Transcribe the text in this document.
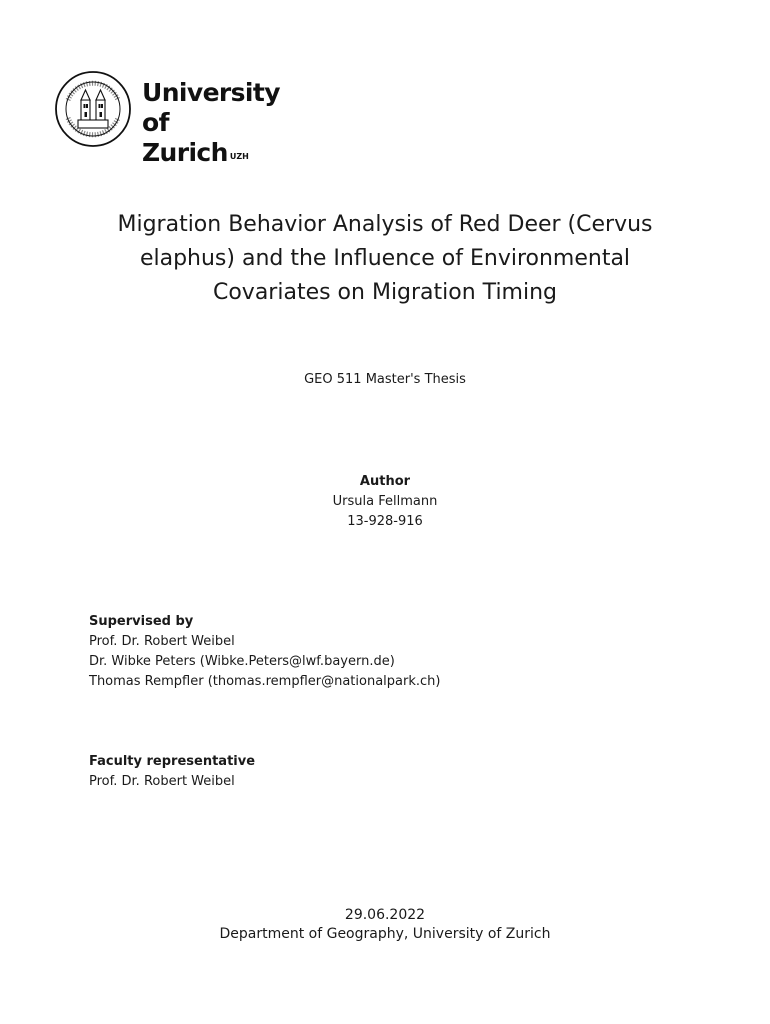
University of
Zurich $^{UZH}$
Migration Behavior Analysis of Red Deer (Cervus
elaphus) and the Influence of Environmental
Covariates on Migration Timing
GEO 511 Master's Thesis
Author
Ursula Fellmann
13-928-916
Supervised by
Prof. Dr. Robert Weibel
Dr. Wibke Peters (Wibke.Peters@lwf.bayern.de)
Thomas Rempfler (thomas.rempfler@nationalpark.ch)
Faculty representative
Prof. Dr. Robert Weibel
29.06.2022
Department of Geography, University of Zurich
